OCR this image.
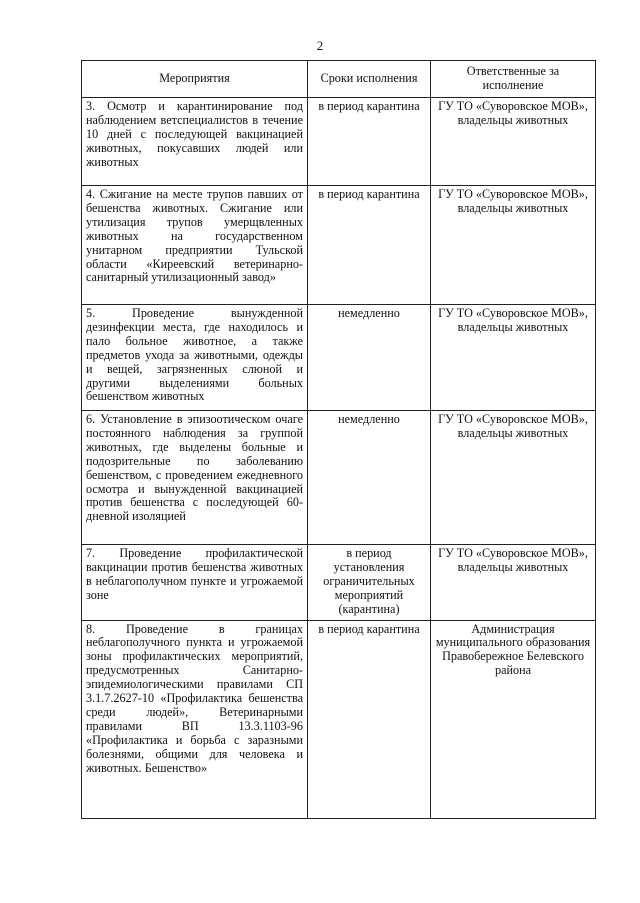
2
Мероприятия	Сроки исполнения	Ответственные за исполнение
3. Осмотр и карантинирование под наблюдением ветспециалистов в течение 10 дней с последующей вакцинацией животных, покусавших людей или животных	в период карантина	ГУ ТО «Суворовское МОВ», владельцы животных
4. Сжигание на месте трупов павших от бешенства животных. Сжигание или утилизация трупов умерщвленных животных на государственном унитарном предприятии Тульской области «Киреевский ветеринарно-санитарный утилизационный завод»	в период карантина	ГУ ТО «Суворовское МОВ», владельцы животных
5. Проведение вынужденной дезинфекции места, где находилось и пало больное животное, а также предметов ухода за животными, одежды и вещей, загрязненных слюной и другими выделениями больных бешенством животных	немедленно	ГУ ТО «Суворовское МОВ», владельцы животных
6. Установление в эпизоотическом очаге постоянного наблюдения за группой животных, где выделены больные и подозрительные по заболеванию бешенством, с проведением ежедневного осмотра и вынужденной вакцинацией против бешенства с последующей 60-дневной изоляцией	немедленно	ГУ ТО «Суворовское МОВ», владельцы животных
7. Проведение профилактической вакцинации против бешенства животных в неблагополучном пункте и угрожаемой зоне	в период установления ограничительных мероприятий (карантина)	ГУ ТО «Суворовское МОВ», владельцы животных
8. Проведение в границах неблагополучного пункта и угрожаемой зоны профилактических мероприятий, предусмотренных Санитарно-эпидемиологическими правилами СП 3.1.7.2627-10 «Профилактика бешенства среди людей», Ветеринарными правилами ВП 13.3.1103-96 «Профилактика и борьба с заразными болезнями, общими для человека и животных. Бешенство»	в период карантина	Администрация муниципального образования Правобережное Белевского района
